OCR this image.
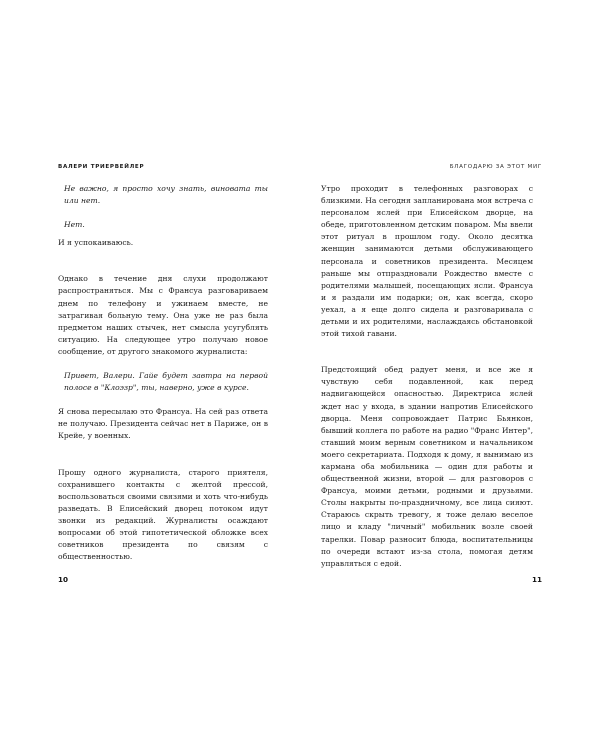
ВАЛЕРИ ТРИЕРВЕЙЛЕР

Не важно, я просто хочу знать, виновата ты или нет.

Нет.

И я успокаиваюсь.

Однако в течение дня слухи продолжают распространяться. Мы с Франсуа разговариваем днем по телефону и ужинаем вместе, не затрагивая больную тему. Она уже не раз была предметом наших стычек, нет смысла усугублять ситуацию. На следующее утро получаю новое сообщение, от другого знакомого журналиста:

Привет, Валери. Гайе будет завтра на первой полосе в "Клоэзр", ты, наверно, уже в курсе.

Я снова пересылаю это Франсуа. На сей раз ответа не получаю. Президента сейчас нет в Париже, он в Крейе, у военных.

Прошу одного журналиста, старого приятеля, сохранившего контакты с желтой прессой, воспользоваться своими связями и хоть что-нибудь разведать. В Елисейский дворец потоком идут звонки из редакций. Журналисты осаждают вопросами об этой гипотетической обложке всех советников президента по связям с общественностью.

10
БЛАГОДАРЮ ЗА ЭТОТ МИГ

Утро проходит в телефонных разговорах с близкими. На сегодня запланирована моя встреча с персоналом яслей при Елисейском дворце, на обеде, приготовленном детским поваром. Мы ввели этот ритуал в прошлом году. Около десятка женщин занимаются детьми обслуживающего персонала и советников президента. Месяцем раньше мы отпраздновали Рождество вместе с родителями малышей, посещающих ясли. Франсуа и я раздали им подарки; он, как всегда, скоро уехал, а я еще долго сидела и разговаривала с детьми и их родителями, наслаждаясь обстановкой этой тихой гавани.

Предстоящий обед радует меня, и все же я чувствую себя подавленной, как перед надвигающейся опасностью. Директриса яслей ждет нас у входа, в здании напротив Елисейского дворца. Меня сопровождает Патрис Бьянкон, бывший коллега по работе на радио "Франс Интер", ставший моим верным советником и начальником моего секретариата. Подходя к дому, я вынимаю из кармана оба мобильника — один для работы и общественной жизни, второй — для разговоров с Франсуа, моими детьми, родными и друзьями. Столы накрыты по-праздничному, все лица сияют. Стараюсь скрыть тревогу, я тоже делаю веселое лицо и кладу "личный" мобильник возле своей тарелки. Повар разносит блюда, воспитательницы по очереди встают из-за стола, помогая детям управляться с едой.

11
